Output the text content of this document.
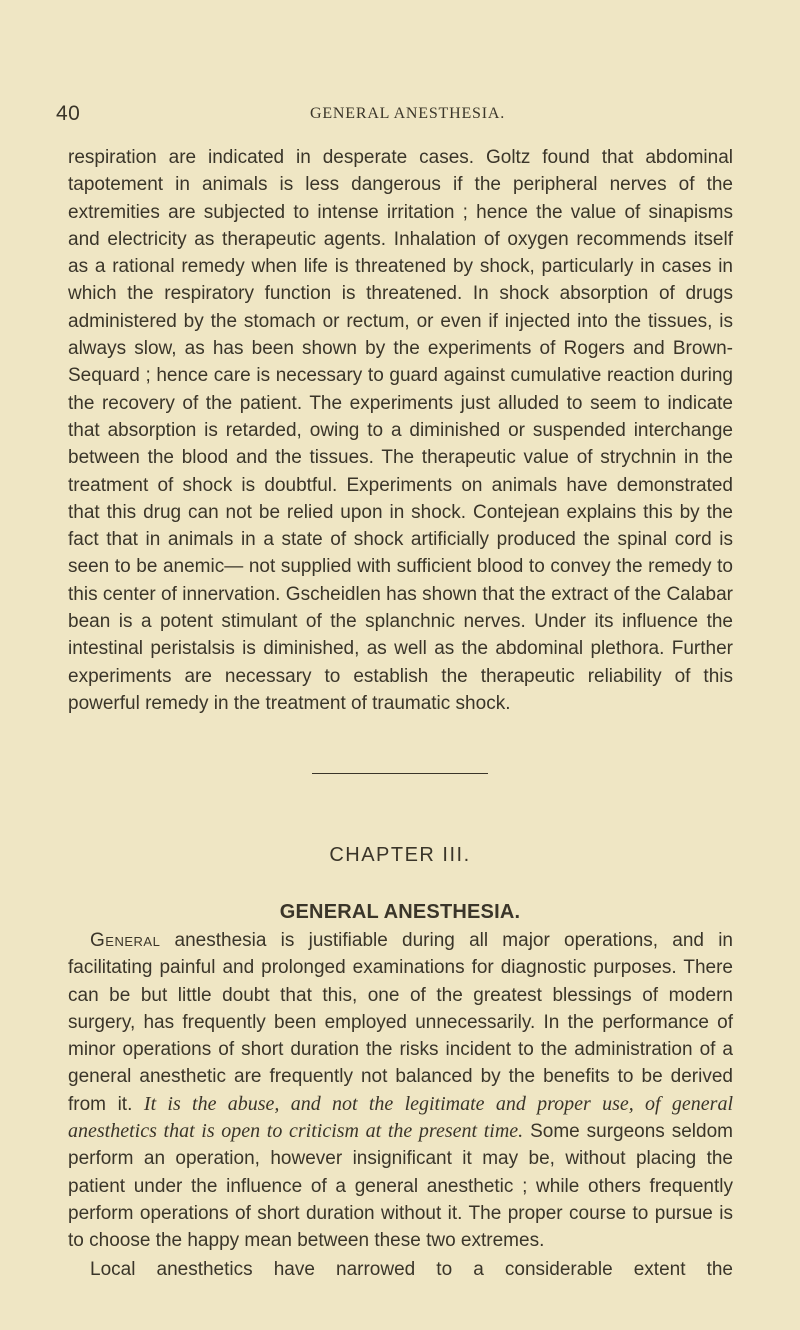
40	GENERAL ANESTHESIA.

respiration are indicated in desperate cases. Goltz found that abdominal tapotement in animals is less dangerous if the peripheral nerves of the extremities are subjected to intense irritation ; hence the value of sinapisms and electricity as therapeutic agents. Inhalation of oxygen recommends itself as a rational remedy when life is threatened by shock, particularly in cases in which the respiratory function is threatened. In shock absorption of drugs administered by the stomach or rectum, or even if injected into the tissues, is always slow, as has been shown by the experiments of Rogers and Brown-Sequard ; hence care is necessary to guard against cumulative reaction during the recovery of the patient. The experiments just alluded to seem to indicate that absorption is retarded, owing to a diminished or suspended interchange between the blood and the tissues. The therapeutic value of strychnin in the treatment of shock is doubtful. Experiments on animals have demonstrated that this drug can not be relied upon in shock. Contejean explains this by the fact that in animals in a state of shock artificially produced the spinal cord is seen to be anemic— not supplied with sufficient blood to convey the remedy to this center of innervation. Gscheidlen has shown that the extract of the Calabar bean is a potent stimulant of the splanchnic nerves. Under its influence the intestinal peristalsis is diminished, as well as the abdominal plethora. Further experiments are necessary to establish the therapeutic reliability of this powerful remedy in the treatment of traumatic shock.

CHAPTER III.
GENERAL ANESTHESIA.

General anesthesia is justifiable during all major operations, and in facilitating painful and prolonged examinations for diagnostic purposes. There can be but little doubt that this, one of the greatest blessings of modern surgery, has frequently been employed unnecessarily. In the performance of minor operations of short duration the risks incident to the administration of a general anesthetic are frequently not balanced by the benefits to be derived from it. It is the abuse, and not the legitimate and proper use, of general anesthetics that is open to criticism at the present time. Some surgeons seldom perform an operation, however insignificant it may be, without placing the patient under the influence of a general anesthetic ; while others frequently perform operations of short duration without it. The proper course to pursue is to choose the happy mean between these two extremes.

Local anesthetics have narrowed to a considerable extent the
